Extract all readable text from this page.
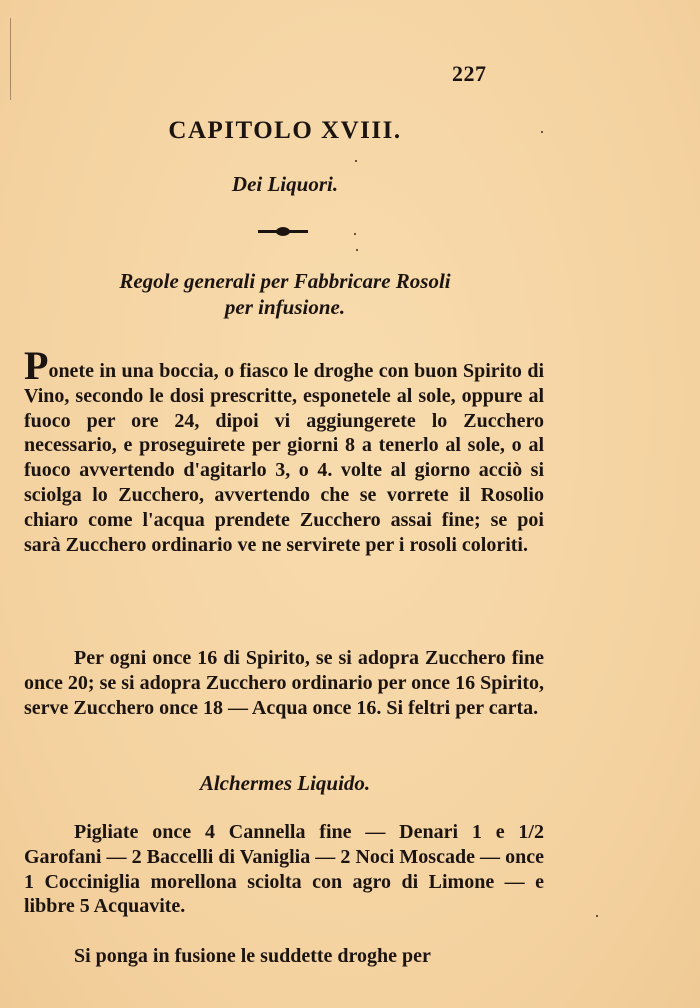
227
CAPITOLO XVIII.
Dei Liquori.
Regole generali per Fabbricare Rosoli
per infusione.

Ponete in una boccia, o fiasco le droghe con buon Spirito di Vino, secondo le dosi prescritte, esponetele al sole, oppure al fuoco per ore 24, dipoi vi aggiungerete lo Zucchero necessario, e proseguirete per giorni 8 a tenerlo al sole, o al fuoco avvertendo d'agitarlo 3, o 4. volte al giorno acciò si sciolga lo Zucchero, avvertendo che se vorrete il Rosolio chiaro come l'acqua prendete Zucchero assai fine; se poi sarà Zucchero ordinario ve ne servirete per i rosoli coloriti.

Per ogni once 16 di Spirito, se si adopra Zucchero fine once 20; se si adopra Zucchero ordinario per once 16 Spirito, serve Zucchero once 18 — Acqua once 16. Si feltri per carta.

Alchermes Liquido.

Pigliate once 4 Cannella fine — Denari 1 e 1/2 Garofani — 2 Baccelli di Vaniglia — 2 Noci Moscade — once 1 Cocciniglia morellona sciolta con agro di Limone — e libbre 5 Acquavite.

Si ponga in fusione le suddette droghe per
